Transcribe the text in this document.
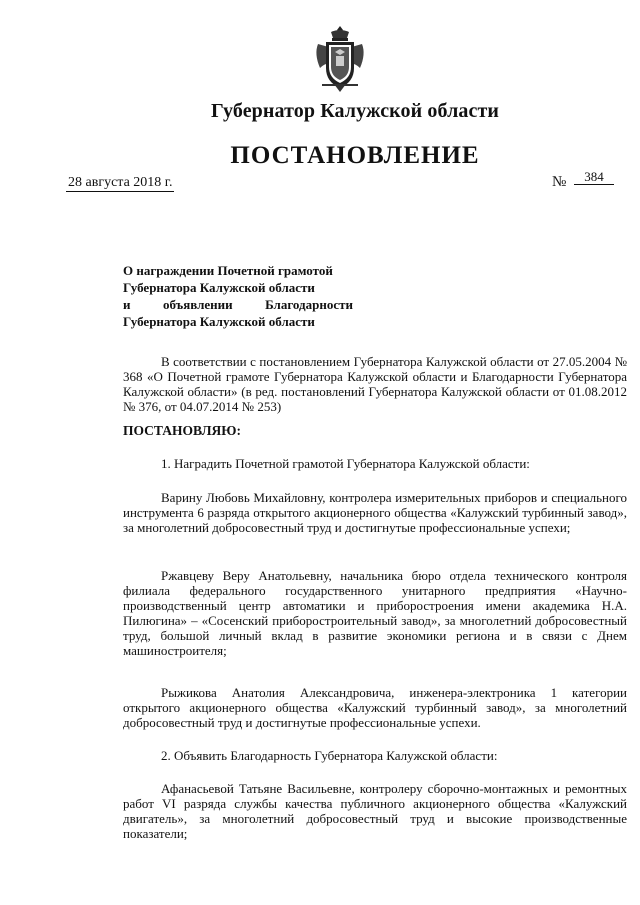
Губернатор Калужской области
ПОСТАНОВЛЕНИЕ
28 августа 2018 г.	№	384
О награждении Почетной грамотой
Губернатора Калужской области
и объявлении Благодарности
Губернатора Калужской области
В соответствии с постановлением Губернатора Калужской области от 27.05.2004 № 368 «О Почетной грамоте Губернатора Калужской области и Благодарности Губернатора Калужской области» (в ред. постановлений Губернатора Калужской области от 01.08.2012 № 376, от 04.07.2014 № 253)
ПОСТАНОВЛЯЮ:
1. Наградить Почетной грамотой Губернатора Калужской области:
Варину Любовь Михайловну, контролера измерительных приборов и специального инструмента 6 разряда открытого акционерного общества «Калужский турбинный завод», за многолетний добросовестный труд и достигнутые профессиональные успехи;
Ржавцеву Веру Анатольевну, начальника бюро отдела технического контроля филиала федерального государственного унитарного предприятия «Научно-производственный центр автоматики и приборостроения имени академика Н.А. Пилюгина» – «Сосенский приборостроительный завод», за многолетний добросовестный труд, большой личный вклад в развитие экономики региона и в связи с Днем машиностроителя;
Рыжикова Анатолия Александровича, инженера-электроника 1 категории открытого акционерного общества «Калужский турбинный завод», за многолетний добросовестный труд и достигнутые профессиональные успехи.
2. Объявить Благодарность Губернатора Калужской области:
Афанасьевой Татьяне Васильевне, контролеру сборочно-монтажных и ремонтных работ VI разряда службы качества публичного акционерного общества «Калужский двигатель», за многолетний добросовестный труд и высокие производственные показатели;
